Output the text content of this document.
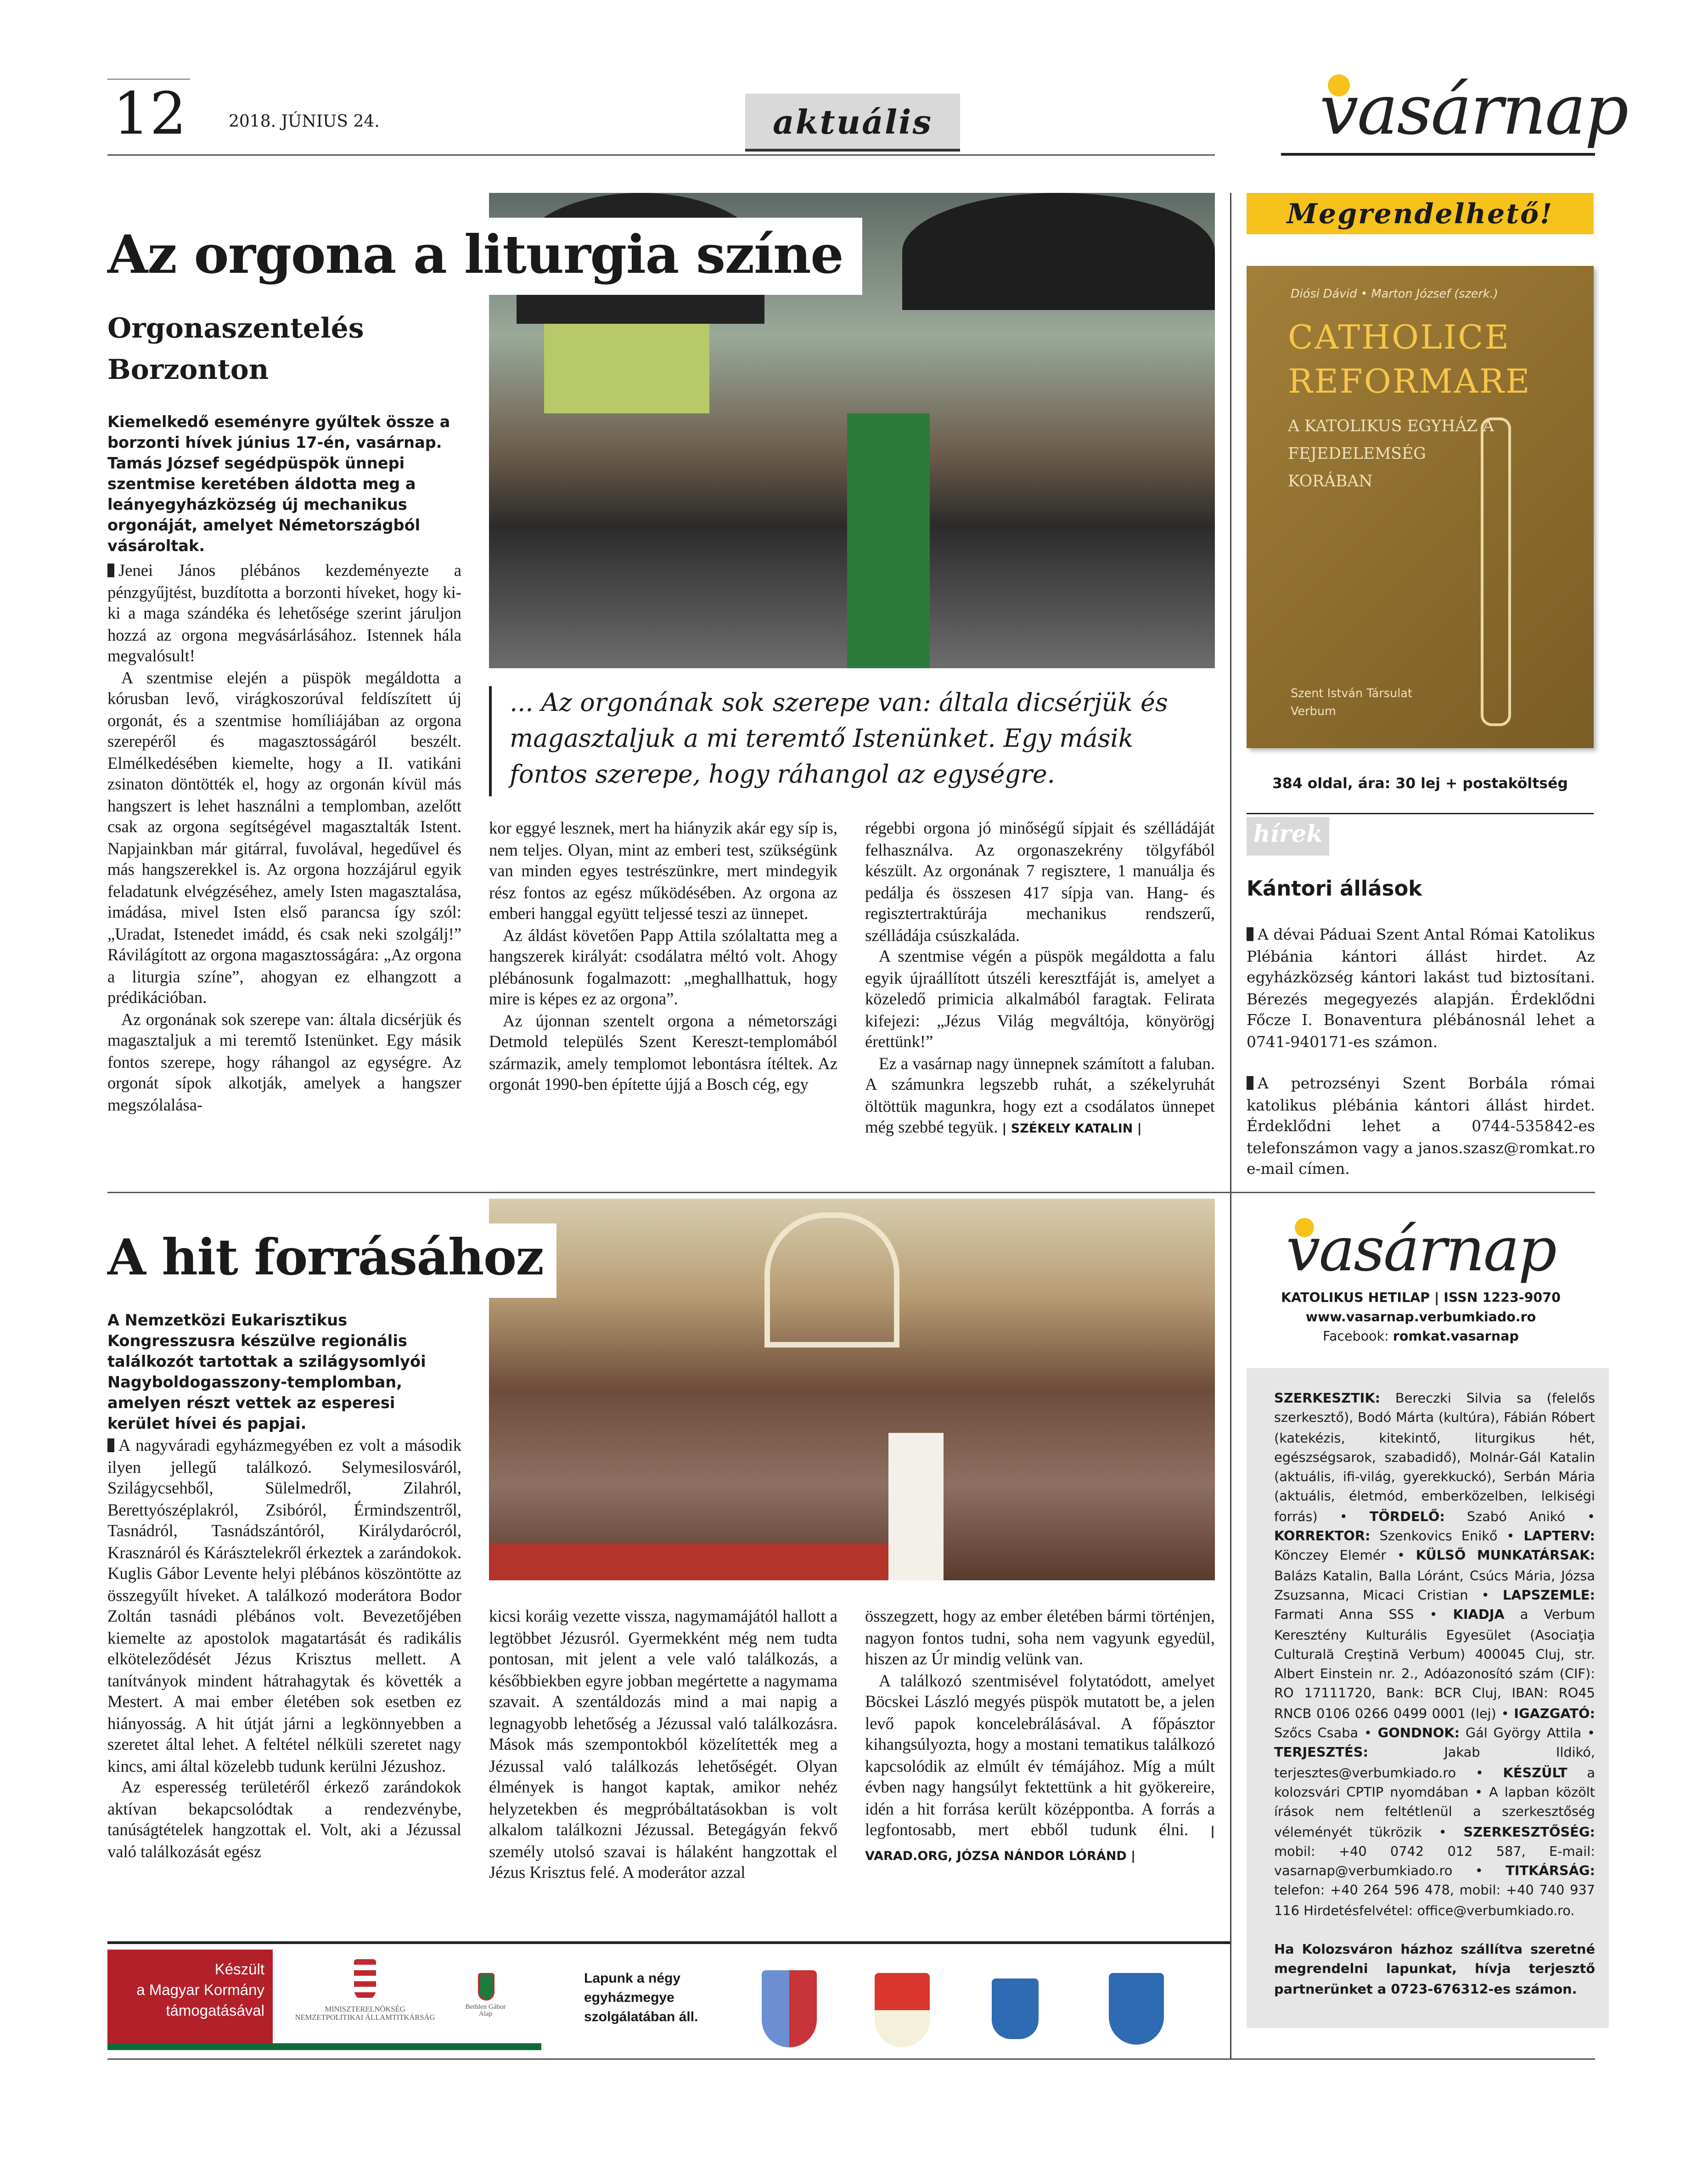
12	2018. JÚNIUS 24.	aktuális	vasárnap
Az orgona a liturgia színe
Orgonaszentelés Borzonton
Kiemelkedő eseményre gyűltek össze a borzonti hívek június 17-én, vasárnap. Tamás József segédpüspök ünnepi szentmise keretében áldotta meg a leányegyházközség új mechanikus orgonáját, amelyet Németországból vásároltak.

Jenei János plébános kezdeményezte a pénzgyűjtést, buzdította a borzonti híveket, hogy ki-ki a maga szándéka és lehetősége szerint járuljon hozzá az orgona megvásárlásához. Istennek hála megvalósult!

A szentmise elején a püspök megáldotta a kórusban levő, virágkoszorúval feldíszített új orgonát, és a szentmise homíliájában az orgona szerepéről és magasztosságáról beszélt. Elmélkedésében kiemelte, hogy a II. vatikáni zsinaton döntötték el, hogy az orgonán kívül más hangszert is lehet használni a templomban, azelőtt csak az orgona segítségével magasztalták Istent. Napjainkban már gitárral, fuvolával, hegedűvel és más hangszerekkel is. Az orgona hozzájárul egyik feladatunk elvégzéséhez, amely Isten magasztalása, imádása, mivel Isten első parancsa így szól: „Uradat, Istenedet imádd, és csak neki szolgálj!” Rávilágított az orgona magasztosságára: „Az orgona a liturgia színe”, ahogyan ez elhangzott a prédikációban.

Az orgonának sok szerepe van: általa dicsérjük és magasztaljuk a mi teremtő Istenünket. Egy másik fontos szerepe, hogy ráhangol az egységre. Az orgonát sípok alkotják, amelyek a hangszer megszólalása-

... Az orgonának sok szerepe van: általa dicsérjük és magasztaljuk a mi teremtő Istenünket. Egy másik fontos szerepe, hogy ráhangol az egységre.

kor eggyé lesznek, mert ha hiányzik akár egy síp is, nem teljes. Olyan, mint az emberi test, szükségünk van minden egyes testrészünkre, mert mindegyik rész fontos az egész működésében. Az orgona az emberi hanggal együtt teljessé teszi az ünnepet.

Az áldást követően Papp Attila szólaltatta meg a hangszerek királyát: csodálatra méltó volt. Ahogy plébánosunk fogalmazott: „meghallhattuk, hogy mire is képes ez az orgona”.

Az újonnan szentelt orgona a németországi Detmold település Szent Kereszt-templomából származik, amely templomot lebontásra ítéltek. Az orgonát 1990-ben építette újjá a Bosch cég, egy

régebbi orgona jó minőségű sípjait és szélládáját felhasználva. Az orgonaszekrény tölgyfából készült. Az orgonának 7 regisztere, 1 manuálja és pedálja és összesen 417 sípja van. Hang- és regisztertraktúrája mechanikus rendszerű, szélládája csúszkaláda.

A szentmise végén a püspök megáldotta a falu egyik újraállított útszéli keresztfáját is, amelyet a közeledő primicia alkalmából faragtak. Felirata kifejezi: „Jézus Világ megváltója, könyörögj érettünk!”

Ez a vasárnap nagy ünnepnek számított a faluban. A számunkra legszebb ruhát, a székelyruhát öltöttük magunkra, hogy ezt a csodálatos ünnepet még szebbé tegyük. | SZÉKELY KATALIN |

Megrendelhető!
Diósi Dávid • Marton József (szerk.)
CATHOLICE REFORMARE
A KATOLIKUS EGYHÁZ A FEJEDELEMSÉG KORÁBAN
Szent István Társulat Verbum
384 oldal, ára: 30 lej + postaköltség
hírek
Kántori állások

A dévai Páduai Szent Antal Római Katolikus Plébánia kántori állást hirdet. Az egyházközség kántori lakást tud biztosítani. Bérezés megegyezés alapján. Érdeklődni Főcze I. Bonaventura plébánosnál lehet a 0741-940171-es számon.

A petrozsényi Szent Borbála római katolikus plébánia kántori állást hirdet. Érdeklődni lehet a 0744-535842-es telefonszámon vagy a janos.szasz@romkat.ro e-mail címen.

A hit forrásához
A Nemzetközi Eukarisztikus Kongresszusra készülve regionális találkozót tartottak a szilágysomlyói Nagyboldogasszony-templomban, amelyen részt vettek az esperesi kerület hívei és papjai.

A nagyváradi egyházmegyében ez volt a második ilyen jellegű találkozó. Selymesilosváról, Szilágycsehből, Sülelmedről, Zilahról, Berettyószéplakról, Zsibóról, Érmindszentről, Tasnádról, Tasnádszántóról, Királydarócról, Krasznáról és Kárásztelekről érkeztek a zarándokok. Kuglis Gábor Levente helyi plébános köszöntötte az összegyűlt híveket. A találkozó moderátora Bodor Zoltán tasnádi plébános volt. Bevezetőjében kiemelte az apostolok magatartását és radikális elköteleződését Jézus Krisztus mellett. A tanítványok mindent hátrahagytak és követték a Mestert. A mai ember életében sok esetben ez hiányosság. A hit útját járni a legkönnyebben a szeretet által lehet. A feltétel nélküli szeretet nagy kincs, ami által közelebb tudunk kerülni Jézushoz.

Az esperesség területéről érkező zarándokok aktívan bekapcsolódtak a rendezvénybe, tanúságtételek hangzottak el. Volt, aki a Jézussal való találkozását egész

kicsi koráig vezette vissza, nagymamájától hallott a legtöbbet Jézusról. Gyermekként még nem tudta pontosan, mit jelent a vele való találkozás, a későbbiekben egyre jobban megértette a nagymama szavait. A szentáldozás mind a mai napig a legnagyobb lehetőség a Jézussal való találkozásra. Mások más szempontokból közelítették meg a Jézussal való találkozás lehetőségét. Olyan élmények is hangot kaptak, amikor nehéz helyzetekben és megpróbáltatásokban is volt alkalom találkozni Jézussal. Betegágyán fekvő személy utolsó szavai is hálaként hangzottak el Jézus Krisztus felé. A moderátor azzal

összegzett, hogy az ember életében bármi történjen, nagyon fontos tudni, soha nem vagyunk egyedül, hiszen az Úr mindig velünk van.

A találkozó szentmisével folytatódott, amelyet Böcskei László megyés püspök mutatott be, a jelen levő papok koncelebrálásával. A főpásztor kihangsúlyozta, hogy a mostani tematikus találkozó kapcsolódik az elmúlt év témájához. Míg a múlt évben nagy hangsúlyt fektettünk a hit gyökereire, idén a hit forrása került középpontba. A forrás a legfontosabb, mert ebből tudunk élni.	| VARAD.ORG, JÓZSA NÁNDOR LÓRÁND |

vasárnap
KATOLIKUS HETILAP | ISSN 1223-9070
www.vasarnap.verbumkiado.ro
Facebook: romkat.vasarnap
SZERKESZTIK: Bereczki Silvia sa (felelős szerkesztő), Bodó Márta (kultúra), Fábián Róbert (katekézis, kitekintő, liturgikus hét, egészségsarok, szabadidő), Molnár-Gál Katalin (aktuális, ifi-világ, gyerekkuckó), Serbán Mária (aktuális, életmód, emberközelben, lelkiségi forrás) • TÖRDELŐ: Szabó Anikó • KORREKTOR: Szenkovics Enikő • LAPTERV: Könczey Elemér • KÜLSŐ MUNKATÁRSAK: Balázs Katalin, Balla Lóránt, Csúcs Mária, Józsa Zsuzsanna, Micaci Cristian • LAPSZEMLE: Farmati Anna SSS • KIADJA a Verbum Keresztény Kulturális Egyesület (Asociaţia Culturală Creştină Verbum) 400045 Cluj, str. Albert Einstein nr. 2., Adóazonosító szám (CIF): RO 17111720, Bank: BCR Cluj, IBAN: RO45 RNCB 0106 0266 0499 0001 (lej) • IGAZGATÓ: Szőcs Csaba • GONDNOK: Gál György Attila • TERJESZTÉS: Jakab Ildikó, terjesztes@verbumkiado.ro • KÉSZÜLT a kolozsvári CPTIP nyomdában • A lapban közölt írások nem feltétlenül a szerkesztőség véleményét tükrözik • SZERKESZTŐSÉG: mobil: +40 0742 012 587, E-mail: vasarnap@verbumkiado.ro • TITKÁRSÁG: telefon: +40 264 596 478, mobil: +40 740 937 116 Hirdetésfelvétel: office@verbumkiado.ro.
Ha Kolozsváron házhoz szállítva szeretné megrendelni lapunkat, hívja terjesztő partnerünket a 0723-676312-es számon.
Készült
a Magyar Kormány
támogatásával	MINISZTERELNÖKSÉG
NEMZETPOLITIKAI ÁLLAMTITKÁRSÁG
Bethlen Gábor
Alap
Lapunk a négy egyházmegye szolgálatában áll.
